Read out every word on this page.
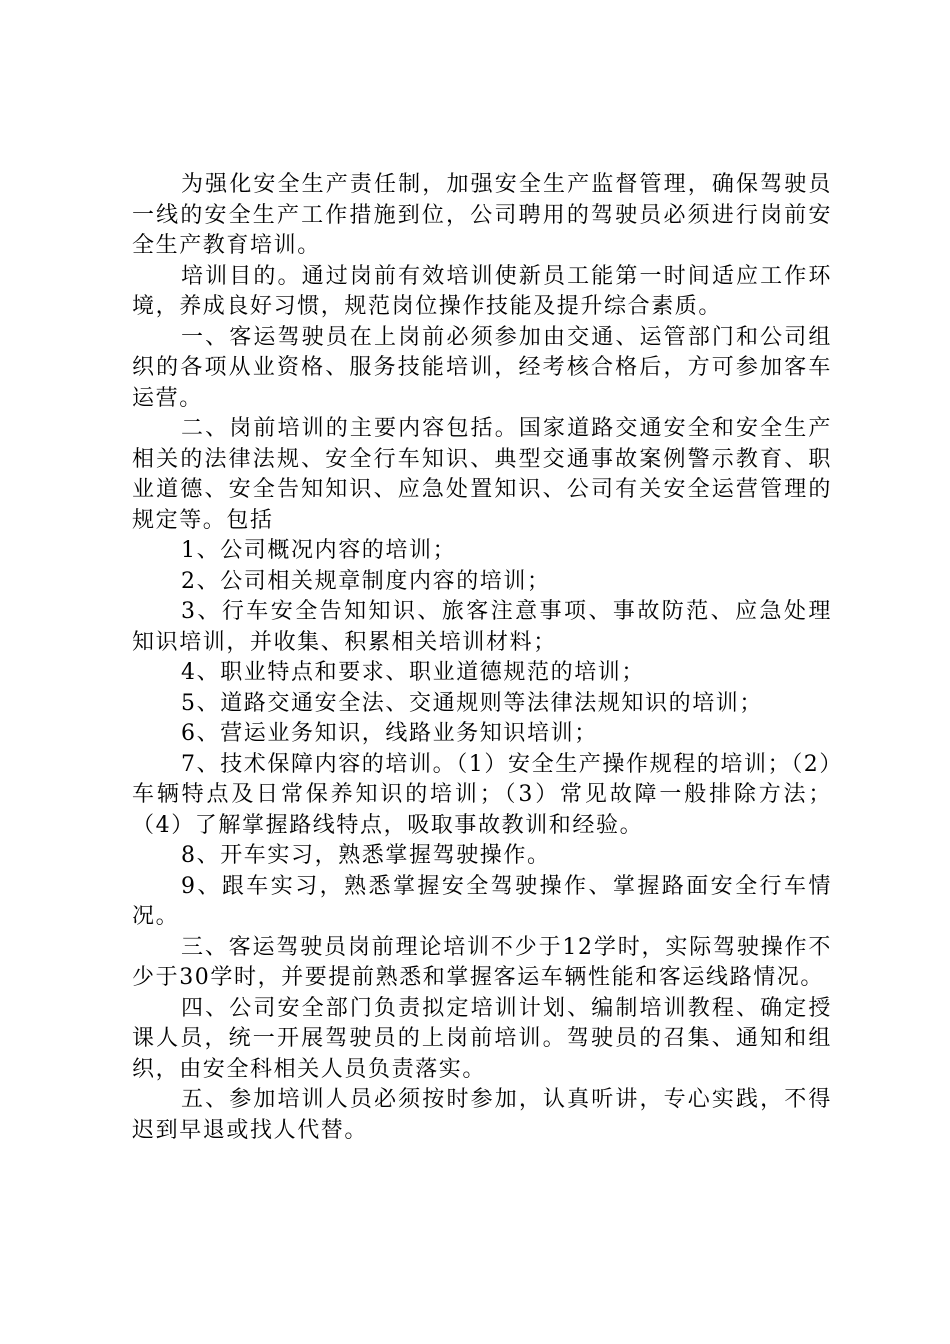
为强化安全生产责任制，加强安全生产监督管理，确保驾驶员一线的安全生产工作措施到位，公司聘用的驾驶员必须进行岗前安全生产教育培训。

培训目的。通过岗前有效培训使新员工能第一时间适应工作环境，养成良好习惯，规范岗位操作技能及提升综合素质。

一、客运驾驶员在上岗前必须参加由交通、运管部门和公司组织的各项从业资格、服务技能培训，经考核合格后，方可参加客车运营。

二、岗前培训的主要内容包括。国家道路交通安全和安全生产相关的法律法规、安全行车知识、典型交通事故案例警示教育、职业道德、安全告知知识、应急处置知识、公司有关安全运营管理的规定等。包括

1、公司概况内容的培训；

2、公司相关规章制度内容的培训；

3、行车安全告知知识、旅客注意事项、事故防范、应急处理知识培训，并收集、积累相关培训材料；

4、职业特点和要求、职业道德规范的培训；

5、道路交通安全法、交通规则等法律法规知识的培训；

6、营运业务知识，线路业务知识培训；

7、技术保障内容的培训。（1）安全生产操作规程的培训；（2）车辆特点及日常保养知识的培训；（3）常见故障一般排除方法；（4）了解掌握路线特点，吸取事故教训和经验。

8、开车实习，熟悉掌握驾驶操作。

9、跟车实习，熟悉掌握安全驾驶操作、掌握路面安全行车情况。

三、客运驾驶员岗前理论培训不少于12学时，实际驾驶操作不少于30学时，并要提前熟悉和掌握客运车辆性能和客运线路情况。

四、公司安全部门负责拟定培训计划、编制培训教程、确定授课人员，统一开展驾驶员的上岗前培训。驾驶员的召集、通知和组织，由安全科相关人员负责落实。

五、参加培训人员必须按时参加，认真听讲，专心实践，不得迟到早退或找人代替。
